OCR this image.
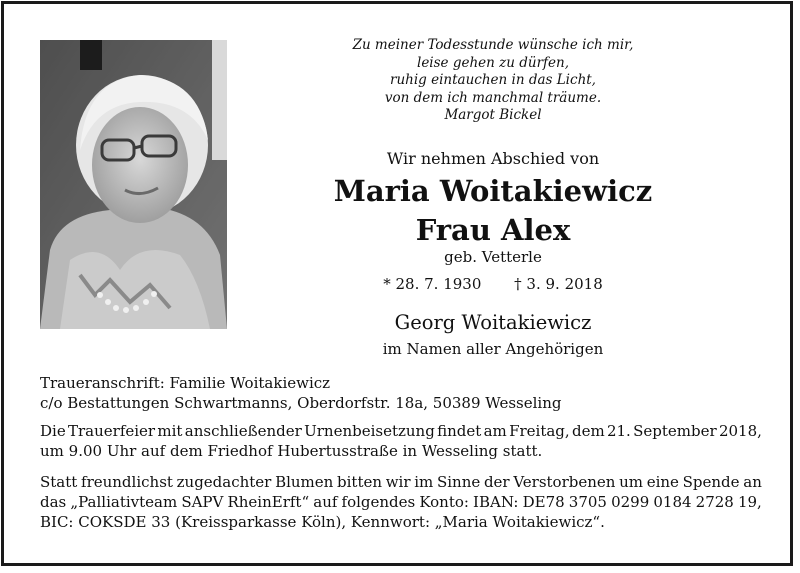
Zu meiner Todesstunde wünsche ich mir,
leise gehen zu dürfen,
ruhig eintauchen in das Licht,
von dem ich manchmal träume.
Margot Bickel
Wir nehmen Abschied von
Maria Woitakiewicz
Frau Alex
geb. Vetterle
* 28. 7. 1930 † 3. 9. 2018
Georg Woitakiewicz
im Namen aller Angehörigen
Traueranschrift: Familie Woitakiewicz
c/o Bestattungen Schwartmanns, Oberdorfstr. 18a, 50389 Wesseling
Die Trauerfeier mit anschließender Urnenbeisetzung findet am Freitag, dem 21. September 2018,
um 9.00 Uhr auf dem Friedhof Hubertusstraße in Wesseling statt.
Statt freundlichst zugedachter Blumen bitten wir im Sinne der Verstorbenen um eine Spende an
das „Palliativteam SAPV RheinErft“ auf folgendes Konto: IBAN: DE78 3705 0299 0184 2728 19,
BIC: COKSDE 33 (Kreissparkasse Köln), Kennwort: „Maria Woitakiewicz“.
